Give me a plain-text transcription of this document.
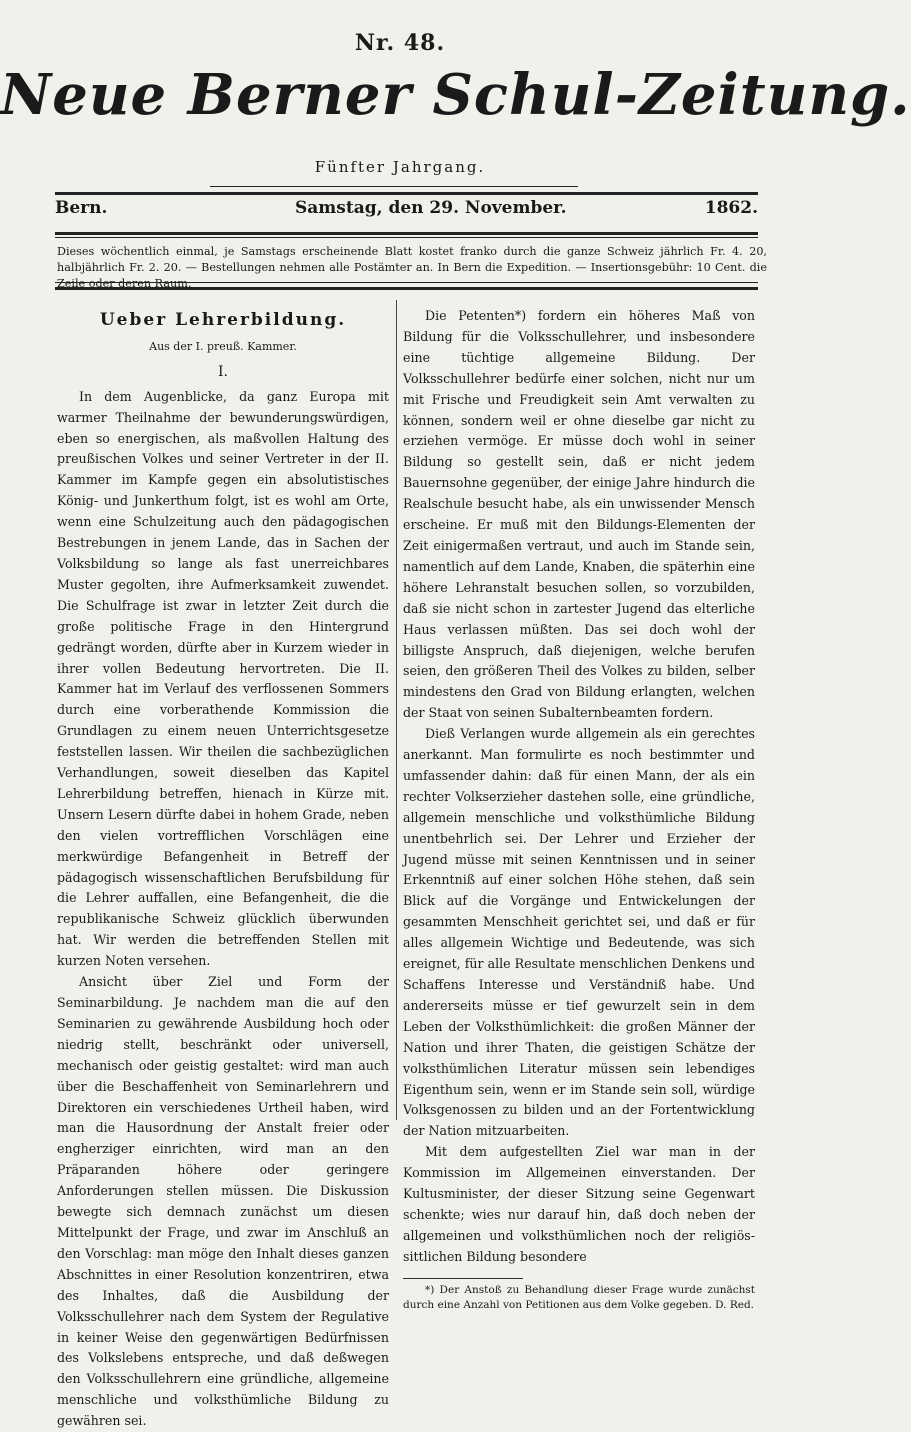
Nr. 48.
Neue Berner Schul-Zeitung.
Fünfter Jahrgang.
Bern.	Samstag, den 29. November.	1862.
Dieses wöchentlich einmal, je Samstags erscheinende Blatt kostet franko durch die ganze Schweiz jährlich Fr. 4. 20, halbjährlich Fr. 2. 20. — Bestellungen nehmen alle Postämter an. In Bern die Expedition. — Insertionsgebühr: 10 Cent. die Zeile oder deren Raum.
Ueber Lehrerbildung.
Aus der I. preuß. Kammer.
I.

In dem Augenblicke, da ganz Europa mit warmer Theilnahme der bewunderungswürdigen, eben so energischen, als maßvollen Haltung des preußischen Volkes und seiner Vertreter in der II. Kammer im Kampfe gegen ein absolutistisches König- und Junkerthum folgt, ist es wohl am Orte, wenn eine Schulzeitung auch den pädagogischen Bestrebungen in jenem Lande, das in Sachen der Volksbildung so lange als fast unerreichbares Muster gegolten, ihre Aufmerksamkeit zuwendet. Die Schulfrage ist zwar in letzter Zeit durch die große politische Frage in den Hintergrund gedrängt worden, dürfte aber in Kurzem wieder in ihrer vollen Bedeutung hervortreten. Die II. Kammer hat im Verlauf des verflossenen Sommers durch eine vorberathende Kommission die Grundlagen zu einem neuen Unterrichtsgesetze feststellen lassen. Wir theilen die sachbezüglichen Verhandlungen, soweit dieselben das Kapitel Lehrerbildung betreffen, hienach in Kürze mit. Unsern Lesern dürfte dabei in hohem Grade, neben den vielen vortrefflichen Vorschlägen eine merkwürdige Befangenheit in Betreff der pädagogisch wissenschaftlichen Berufsbildung für die Lehrer auffallen, eine Befangenheit, die die republikanische Schweiz glücklich überwunden hat. Wir werden die betreffenden Stellen mit kurzen Noten versehen.

Ansicht über Ziel und Form der Seminarbildung. Je nachdem man die auf den Seminarien zu gewährende Ausbildung hoch oder niedrig stellt, beschränkt oder universell, mechanisch oder geistig gestaltet: wird man auch über die Beschaffenheit von Seminarlehrern und Direktoren ein verschiedenes Urtheil haben, wird man die Hausordnung der Anstalt freier oder engherziger einrichten, wird man an den Präparanden höhere oder geringere Anforderungen stellen müssen. Die Diskussion bewegte sich demnach zunächst um diesen Mittelpunkt der Frage, und zwar im Anschluß an den Vorschlag: man möge den Inhalt dieses ganzen Abschnittes in einer Resolution konzentriren, etwa des Inhaltes, daß die Ausbildung der Volksschullehrer nach dem System der Regulative in keiner Weise den gegenwärtigen Bedürfnissen des Volkslebens entspreche, und daß deßwegen den Volksschullehrern eine gründliche, allgemeine menschliche und volksthümliche Bildung zu gewähren sei.

Die Petenten*) fordern ein höheres Maß von Bildung für die Volksschullehrer, und insbesondere eine tüchtige allgemeine Bildung. Der Volksschullehrer bedürfe einer solchen, nicht nur um mit Frische und Freudigkeit sein Amt verwalten zu können, sondern weil er ohne dieselbe gar nicht zu erziehen vermöge. Er müsse doch wohl in seiner Bildung so gestellt sein, daß er nicht jedem Bauernsohne gegenüber, der einige Jahre hindurch die Realschule besucht habe, als ein unwissender Mensch erscheine. Er muß mit den Bildungs-Elementen der Zeit einigermaßen vertraut, und auch im Stande sein, namentlich auf dem Lande, Knaben, die späterhin eine höhere Lehranstalt besuchen sollen, so vorzubilden, daß sie nicht schon in zartester Jugend das elterliche Haus verlassen müßten. Das sei doch wohl der billigste Anspruch, daß diejenigen, welche berufen seien, den größeren Theil des Volkes zu bilden, selber mindestens den Grad von Bildung erlangten, welchen der Staat von seinen Subalternbeamten fordern.

Dieß Verlangen wurde allgemein als ein gerechtes anerkannt. Man formulirte es noch bestimmter und umfassender dahin: daß für einen Mann, der als ein rechter Volkserzieher dastehen solle, eine gründliche, allgemein menschliche und volksthümliche Bildung unentbehrlich sei. Der Lehrer und Erzieher der Jugend müsse mit seinen Kenntnissen und in seiner Erkenntniß auf einer solchen Höhe stehen, daß sein Blick auf die Vorgänge und Entwickelungen der gesammten Menschheit gerichtet sei, und daß er für alles allgemein Wichtige und Bedeutende, was sich ereignet, für alle Resultate menschlichen Denkens und Schaffens Interesse und Verständniß habe. Und andererseits müsse er tief gewurzelt sein in dem Leben der Volksthümlichkeit: die großen Männer der Nation und ihrer Thaten, die geistigen Schätze der volksthümlichen Literatur müssen sein lebendiges Eigenthum sein, wenn er im Stande sein soll, würdige Volksgenossen zu bilden und an der Fortentwicklung der Nation mitzuarbeiten.

Mit dem aufgestellten Ziel war man in der Kommission im Allgemeinen einverstanden. Der Kultusminister, der dieser Sitzung seine Gegenwart schenkte; wies nur darauf hin, daß doch neben der allgemeinen und volksthümlichen noch der religiös-sittlichen Bildung besondere

*) Der Anstoß zu Behandlung dieser Frage wurde zunächst durch eine Anzahl von Petitionen aus dem Volke gegeben. D. Red.
